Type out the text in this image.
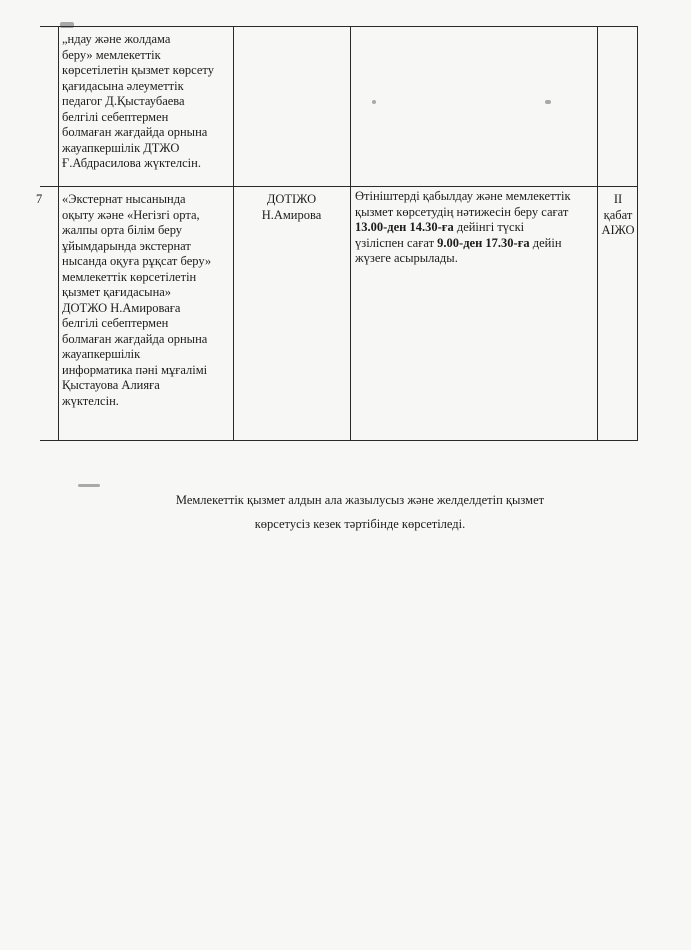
„ндау және жолдама
беру» мемлекеттік
көрсетілетін қызмет көрсету
қағидасына әлеуметтік
педагог Д.Қыстаубаева
белгілі себептермен
болмаған жағдайда орнына
жауапкершілік ДТЖО
Ғ.Абдрасилова жүктелсін.
7	«Экстернат нысанында
оқыту және «Негізгі орта,
жалпы орта білім беру
ұйымдарында экстернат
нысанда оқуға рұқсат беру»
мемлекеттік көрсетілетін
қызмет қағидасына»
ДОТЖО Н.Амироваға
белгілі себептермен
болмаған жағдайда орнына
жауапкершілік
информатика пәні мұғалімі
Қыстауова Алияға
жүктелсін.
ДОТІЖО
Н.Амирова
Өтініштерді қабылдау және мемлекеттік
қызмет көрсетудің нәтижесін беру сағат
13.00-ден 14.30-ға дейінгі түскі
үзіліспен сағат 9.00-ден 17.30-ға дейін
жүзеге асырылады.
ІІ қабат
АІЖО
Мемлекеттік қызмет алдын ала жазылусыз және желделдетіп қызмет
көрсетусіз кезек тәртібінде көрсетіледі.
